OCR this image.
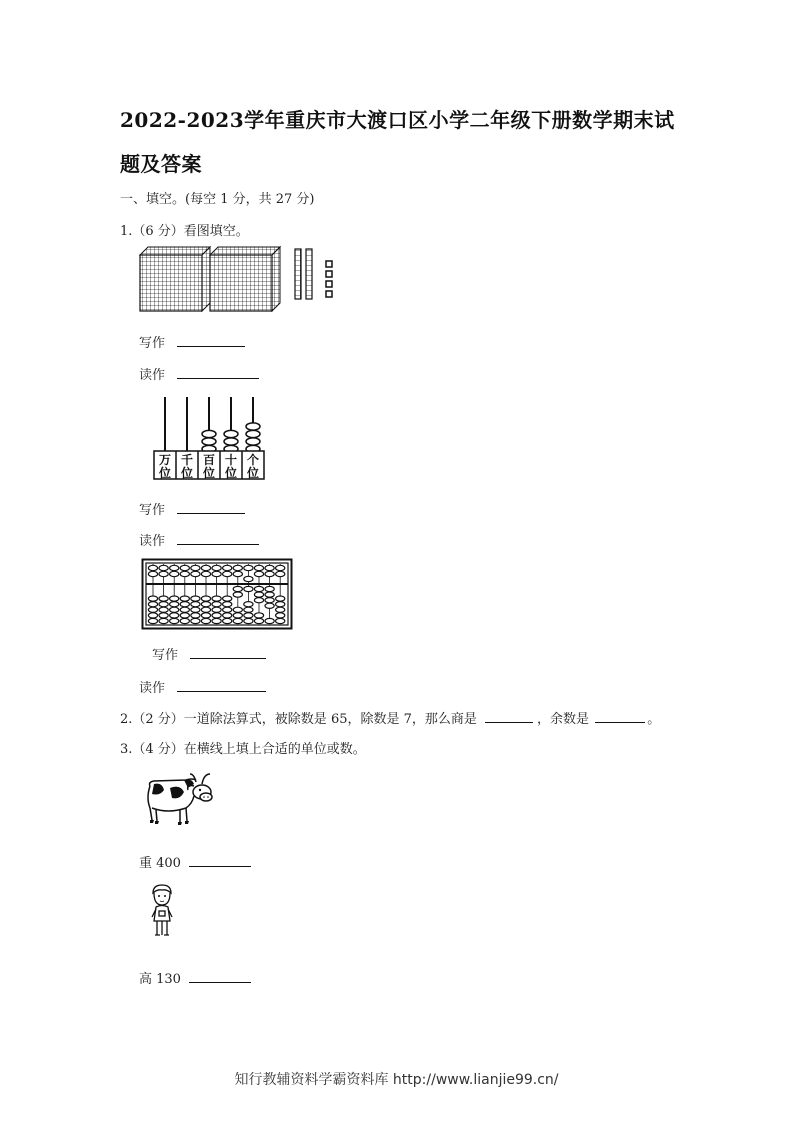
2022-2023学年重庆市大渡口区小学二年级下册数学期末试
题及答案
一、填空。(每空 1 分，共 27 分)
1.（6 分）看图填空。
写作
读作
万
位
千
位
百
位
十
位
个
位
写作
读作
写作
读作
2.（2 分）一道除法算式，被除数是 65，除数是 7，那么商是	，余数是	。
3.（4 分）在横线上填上合适的单位或数。
重 400
高 130
知行教辅资料学霸资料库 http://www.lianjie99.cn/
